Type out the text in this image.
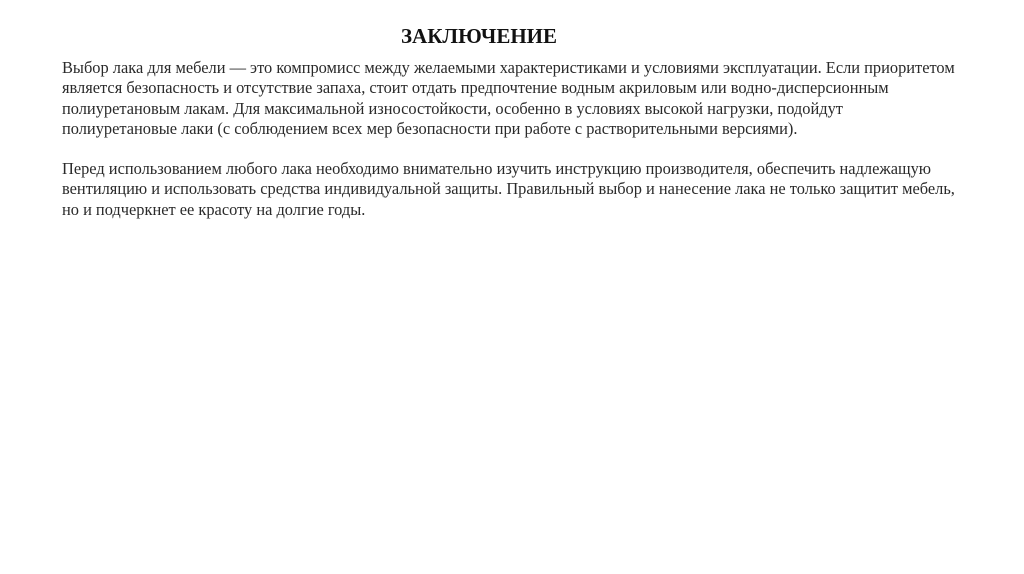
ЗАКЛЮЧЕНИЕ

Выбор лака для мебели — это компромисс между желаемыми характеристиками и условиями эксплуатации. Если приоритетом является безопасность и отсутствие запаха, стоит отдать предпочтение водным акриловым или водно-дисперсионным полиуретановым лакам. Для максимальной износостойкости, особенно в условиях высокой нагрузки, подойдут полиуретановые лаки (с соблюдением всех мер безопасности при работе с растворительными версиями).

Перед использованием любого лака необходимо внимательно изучить инструкцию производителя, обеспечить надлежащую вентиляцию и использовать средства индивидуальной защиты. Правильный выбор и нанесение лака не только защитит мебель, но и подчеркнет ее красоту на долгие годы.
